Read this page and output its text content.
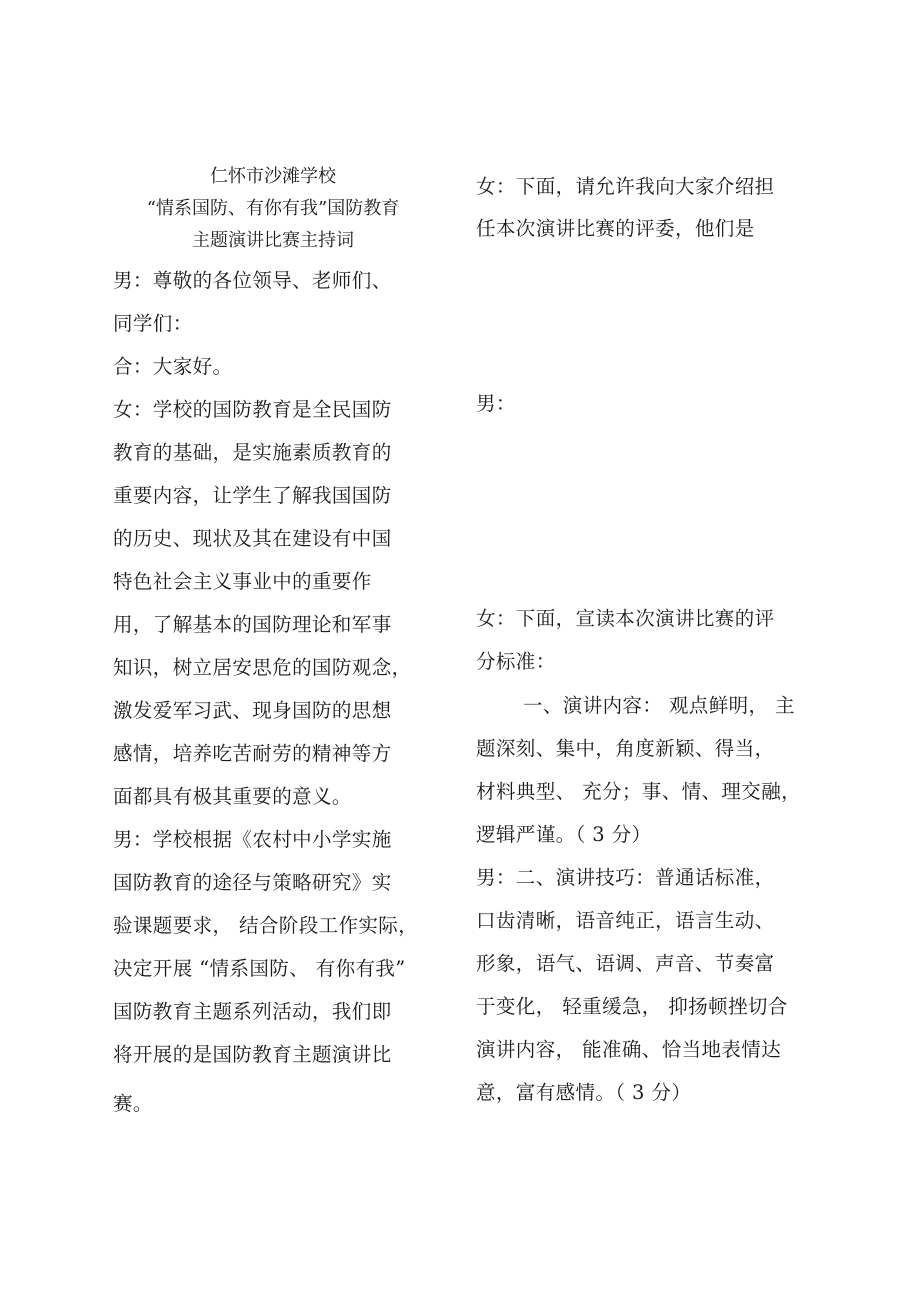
仁怀市沙滩学校
“情系国防、有你有我”国防教育
主题演讲比赛主持词
男：尊敬的各位领导、老师们、
同学们：
合：大家好。
女：学校的国防教育是全民国防
教育的基础，是实施素质教育的
重要内容，让学生了解我国国防
的历史、现状及其在建设有中国
特色社会主义事业中的重要作
用，了解基本的国防理论和军事
知识，树立居安思危的国防观念，
激发爱军习武、现身国防的思想
感情，培养吃苦耐劳的精神等方
面都具有极其重要的意义。
男：学校根据《农村中小学实施
国防教育的途径与策略研究》实
验课题要求， 结合阶段工作实际，
决定开展 “情系国防、 有你有我”
国防教育主题系列活动，我们即
将开展的是国防教育主题演讲比
赛。
女：下面，请允许我向大家介绍担
任本次演讲比赛的评委，他们是
男：
女：下面，宣读本次演讲比赛的评
分标准：
一、演讲内容： 观点鲜明， 主
题深刻、集中，角度新颖、得当，
材料典型、 充分；事、情、理交融，
逻辑严谨。（ 3 分）
男：二、演讲技巧：普通话标准，
口齿清晰，语音纯正，语言生动、
形象，语气、语调、声音、节奏富
于变化， 轻重缓急， 抑扬顿挫切合
演讲内容， 能准确、恰当地表情达
意，富有感情。（ 3 分）
